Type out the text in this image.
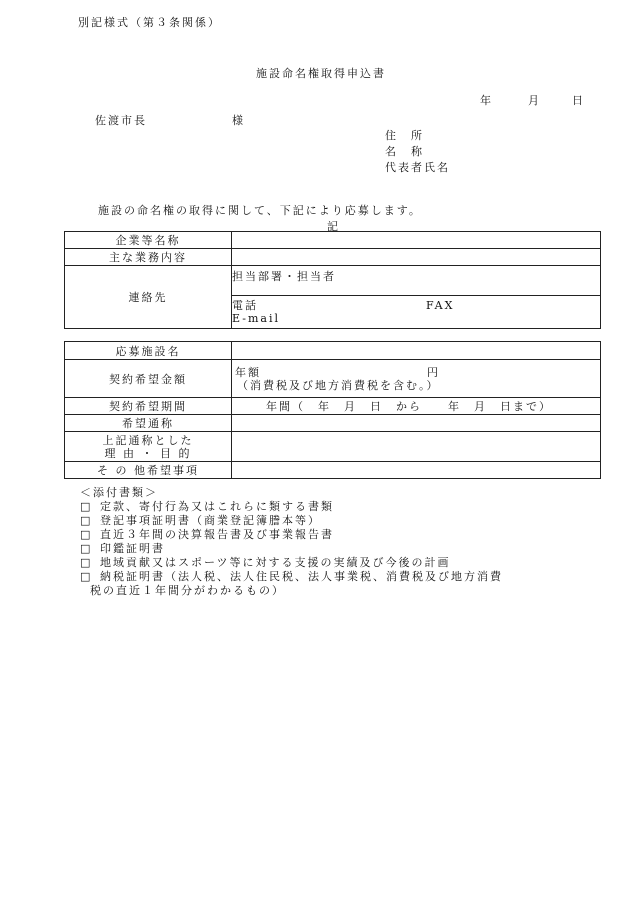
別記様式（第３条関係）
施設命名権取得申込書
年	月	日
佐渡市長	様
住　所
名　称
代表者氏名
施設の命名権の取得に関して、下記により応募します。
記
企業等名称	
主な業務内容	
連絡先	担当部署・担当者

	電話 FAX
E-mail
応募施設名	
契約希望金額	年額 円
（消費税及び地方消費税を含む。）

契約希望期間	年間（　年　月　日　から　　年　月　日まで）
希望通称	

上記通称とした
理 由 ・ 目 的	

そ の 他希望事項	
＜添付書類＞
□ 定款、寄付行為又はこれらに類する書類
□ 登記事項証明書（商業登記簿謄本等）
□ 直近３年間の決算報告書及び事業報告書
□ 印鑑証明書
□ 地域貢献又はスポーツ等に対する支援の実績及び今後の計画
□ 納税証明書（法人税、法人住民税、法人事業税、消費税及び地方消費
税の直近１年間分がわかるもの）
